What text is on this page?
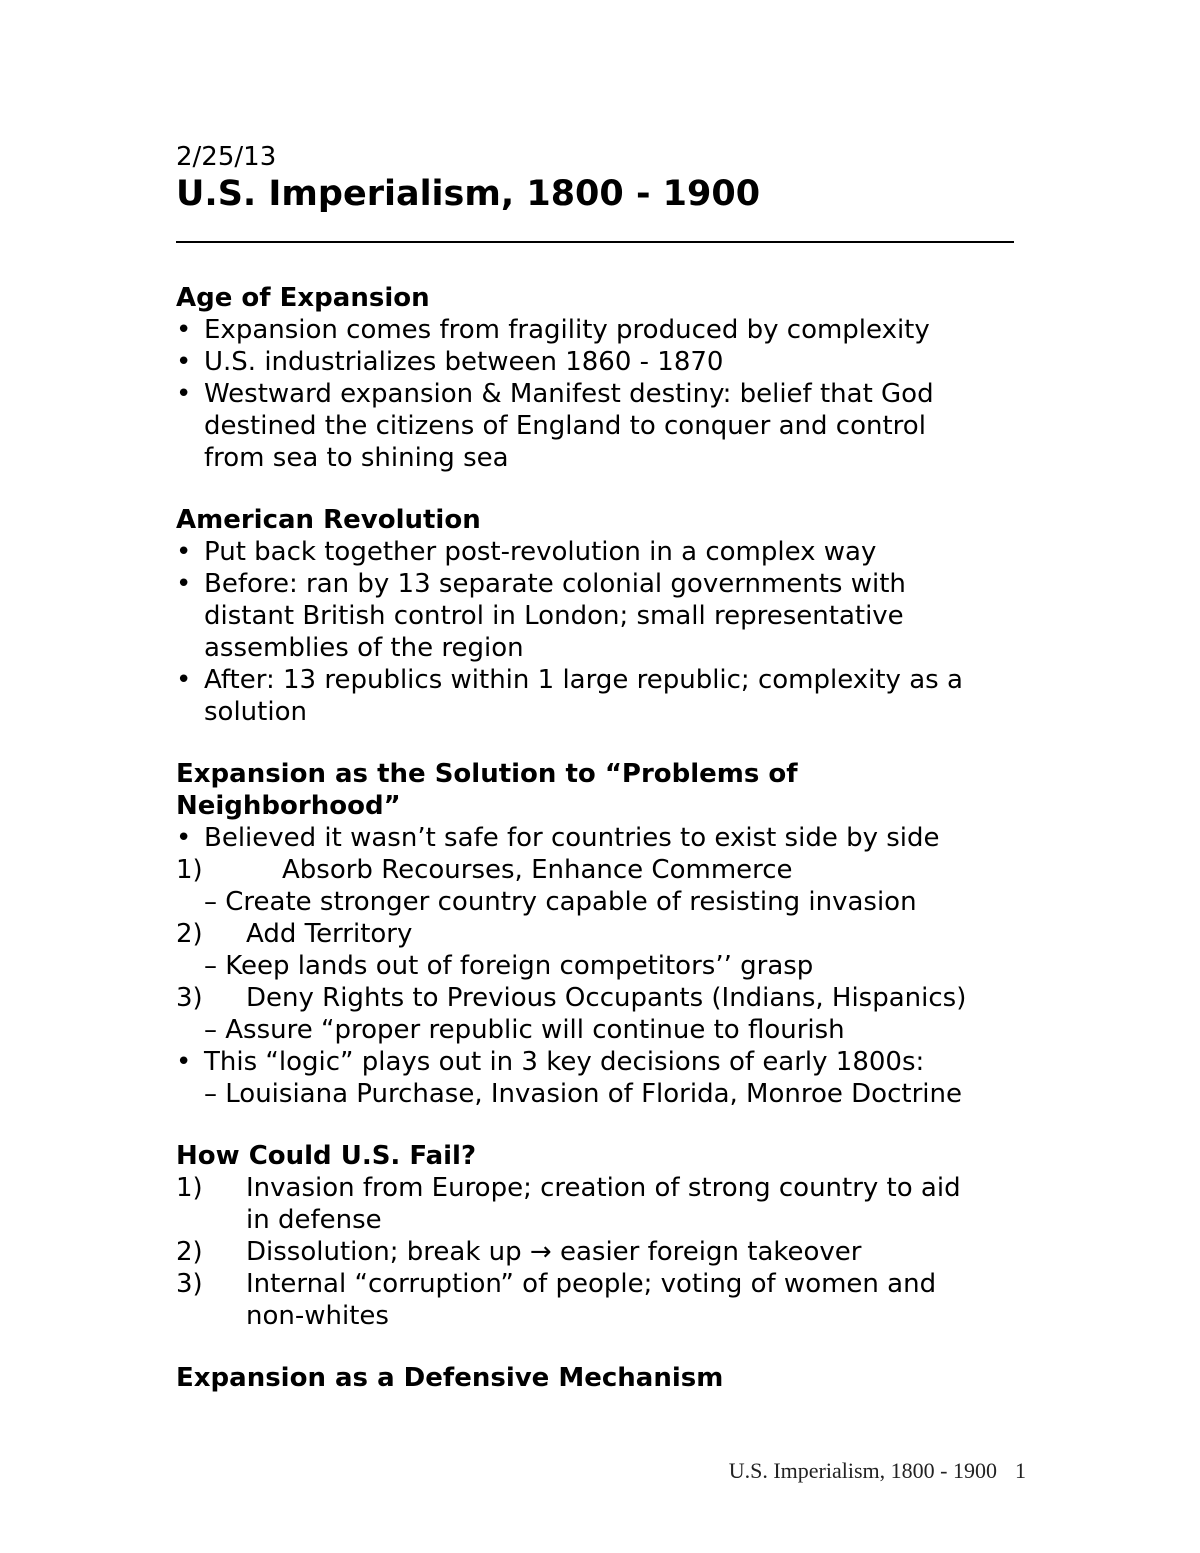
2/25/13
U.S. Imperialism, 1800 - 1900
Age of Expansion
• Expansion comes from fragility produced by complexity
• U.S. industrializes between 1860 - 1870
• Westward expansion & Manifest destiny: belief that God
destined the citizens of England to conquer and control
from sea to shining sea
American Revolution
• Put back together post-revolution in a complex way
• Before: ran by 13 separate colonial governments with
distant British control in London; small representative
assemblies of the region
• After: 13 republics within 1 large republic; complexity as a
solution
Expansion as the Solution to “Problems of
Neighborhood”
• Believed it wasn’t safe for countries to exist side by side
1)	Absorb Recourses, Enhance Commerce
– Create stronger country capable of resisting invasion
2) Add Territory
– Keep lands out of foreign competitors’’ grasp
3) Deny Rights to Previous Occupants (Indians, Hispanics)
– Assure “proper republic will continue to flourish
• This “logic” plays out in 3 key decisions of early 1800s:
– Louisiana Purchase, Invasion of Florida, Monroe Doctrine
How Could U.S. Fail?
1) Invasion from Europe; creation of strong country to aid
in defense
2) Dissolution; break up → easier foreign takeover
3) Internal “corruption” of people; voting of women and
non-whites
Expansion as a Defensive Mechanism
U.S. Imperialism, 1800 - 1900 1
